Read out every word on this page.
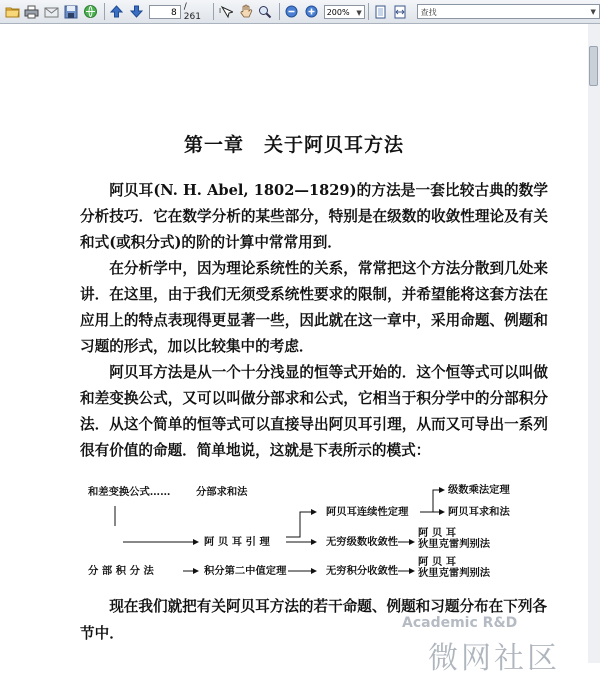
8
/ 261
I	200% ▼	查找	▼
第一章　关于阿贝耳方法

阿贝耳(N. H. Abel, 1802—1829)的方法是一套比较古典的数学分析技巧．它在数学分析的某些部分，特别是在级数的收敛性理论及有关和式(或积分式)的阶的计算中常常用到．

在分析学中，因为理论系统性的关系，常常把这个方法分散到几处来讲．在这里，由于我们无须受系统性要求的限制，并希望能将这套方法在应用上的特点表现得更显著一些，因此就在这一章中，采用命题、例题和习题的形式，加以比较集中的考虑．

阿贝耳方法是从一个十分浅显的恒等式开始的．这个恒等式可以叫做和差变换公式，又可以叫做分部求和公式，它相当于积分学中的分部积分法．从这个简单的恒等式可以直接导出阿贝耳引理，从而又可导出一系列很有价值的命题．简单地说，这就是下表所示的模式：

和差变换公式…… 分部求和法
阿 贝 耳 引 理
阿贝耳连续性定理
级数乘法定理
阿贝耳求和法
无穷级数收敛性
阿 贝 耳
狄里克雷判别法
分 部 积 分 法	积分第二中值定理	无穷积分收敛性
阿 贝 耳
狄里克雷判别法

现在我们就把有关阿贝耳方法的若干命题、例题和习题分布在下列各节中．

Academic R&D
微网社区
